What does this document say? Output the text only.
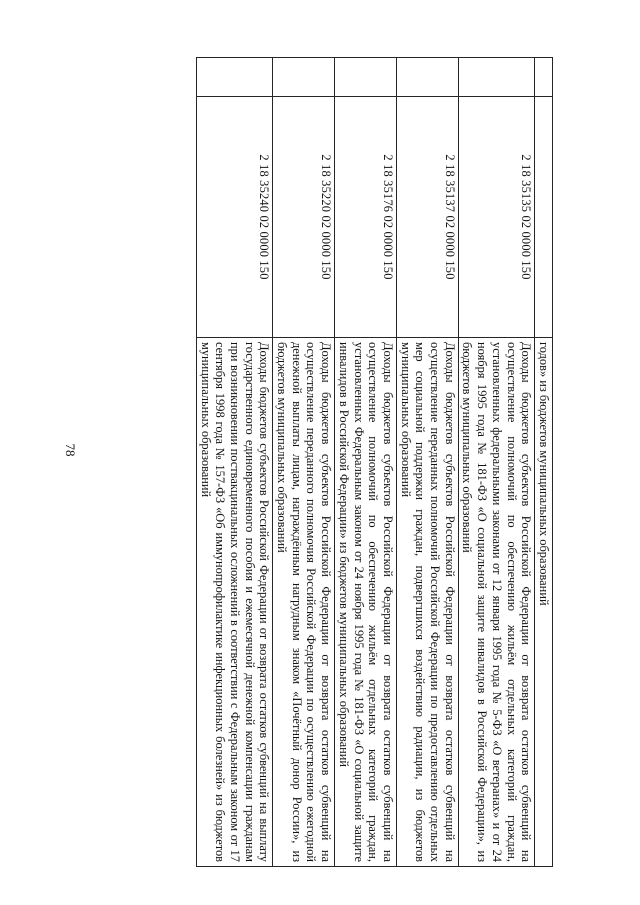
78
			годов» из бюджетов муниципальных образований
	2 18 35135 02 0000 150	Доходы бюджетов субъектов Российской Федерации от возврата остатков субвенций на осуществление полномочий по обеспечению жильём отдельных категорий граждан, установленных федеральными законами от 12 января 1995 года № 5-ФЗ «О ветеранах» и от 24 ноября 1995 года № 181-ФЗ «О социальной защите инвалидов в Российской Федерации», из бюджетов муниципальных образований
	2 18 35137 02 0000 150	Доходы бюджетов субъектов Российской Федерации от возврата остатков субвенций на осуществление переданных полномочий Российской Федерации по предоставлению отдельных мер социальной поддержки граждан, подвергшихся воздействию радиации, из бюджетов муниципальных образований
	2 18 35176 02 0000 150	Доходы бюджетов субъектов Российской Федерации от возврата остатков субвенций на осуществление полномочий по обеспечению жильём отдельных категорий граждан, установленных Федеральным законом от 24 ноября 1995 года № 181-ФЗ «О социальной защите инвалидов в Российской Федерации» из бюджетов муниципальных образований
	2 18 35220 02 0000 150	Доходы бюджетов субъектов Российской Федерации от возврата остатков субвенций на осуществление переданного полномочия Российской Федерации по осуществлению ежегодной денежной выплаты лицам, награждённым нагрудным знаком «Почётный донор России», из бюджетов муниципальных образований
	2 18 35240 02 0000 150	Доходы бюджетов субъектов Российской Федерации от возврата остатков субвенций на выплату государственного единовременного пособия и ежемесячной денежной компенсации гражданам при возникновении поствакцинальных осложнений в соответствии с Федеральным законом от 17 сентября 1998 года № 157-ФЗ «Об иммунопрофилактике инфекционных болезней» из бюджетов муниципальных образований
